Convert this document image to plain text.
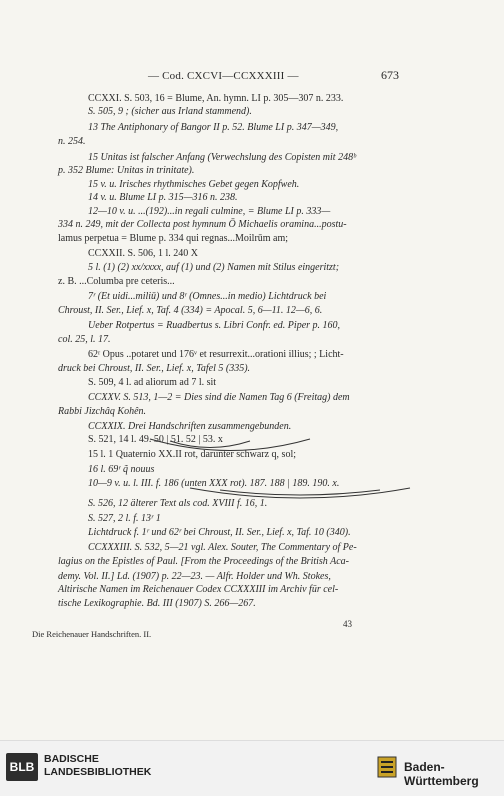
— Cod. CXCVI—CCXXXIII —	673
CCXXI. S. 503, 16 = Blume, An. hymn. LI p. 305—307 n. 233.
S. 505, 9 ; (sicher aus Irland stammend).
13 The Antiphonary of Bangor II p. 52. Blume LI p. 347—349,
n. 254.
15 Unitas ist falscher Anfang (Verwechslung des Copisten mit 248ᵇ
p. 352 Blume: Unitas in trinitate).
15 v. u. Irisches rhythmisches Gebet gegen Kopfweh.
14 v. u. Blume LI p. 315—316 n. 238.
12—10 v. u. ...(192)...in regali culmine, = Blume LI p. 333—
334 n. 249, mit der Collecta post hymnum Ō Michaelis oramina...postu-
lamus perpetua = Blume p. 334 qui regnas...Moilrūm am;
CCXXII. S. 506, 1 l. 240 X
5 l. (1) (2) xx/xxxx, auf (1) und (2) Namen mit Stilus eingeritzt;
z. B. ...Columba pre ceteris...
7ʳ (Et uidi...miliū) und 8ʳ (Omnes...in medio) Lichtdruck bei
Chroust, II. Ser., Lief. x, Taf. 4 (334) = Apocal. 5, 6—11. 12—6, 6.
Ueber Rotpertus = Ruadbertus s. Libri Confr. ed. Piper p. 160,
col. 25, l. 17.
62ʳ Opus ..potaret und 176ᵛ et resurrexit...orationi illius; ; Licht-
druck bei Chroust, II. Ser., Lief. x, Tafel 5 (335).
S. 509, 4 l. ad aliorum ad 7 l. sit
CCXXV. S. 513, 1—2 = Dies sind die Namen Tag 6 (Freitag) dem
Rabbi Jizchâq Kohên.
CCXXIX. Drei Handschriften zusammengebunden.
S. 521, 14 l. 49. 50 | 51. 52 | 53. x
15 l. 1 Quaternio XX.II rot, darunter schwarz q, sol;
16 l. 69ʳ q̃ nouus
10—9 v. u. l. III. f. 186 (unten XXX rot). 187. 188 | 189. 190. x.
S. 526, 12 älterer Text als cod. XVIII f. 16, 1.
S. 527, 2 l. f. 13ʳ 1
Lichtdruck f. 1ʳ und 62ʳ bei Chroust, II. Ser., Lief. x, Taf. 10 (340).
CCXXXIII. S. 532, 5—21 vgl. Alex. Souter, The Commentary of Pe-
lagius on the Epistles of Paul. [From the Proceedings of the British Aca-
demy. Vol. II.] Ld. (1907) p. 22—23. — Alfr. Holder und Wh. Stokes,
Altirische Namen im Reichenauer Codex CCXXXIII im Archiv für cel-
tische Lexikographie. Bd. III (1907) S. 266—267.
Die Reichenauer Handschriften. II.
43
BLB
BADISCHE
LANDESBIBLIOTHEK	Baden-Württemberg
